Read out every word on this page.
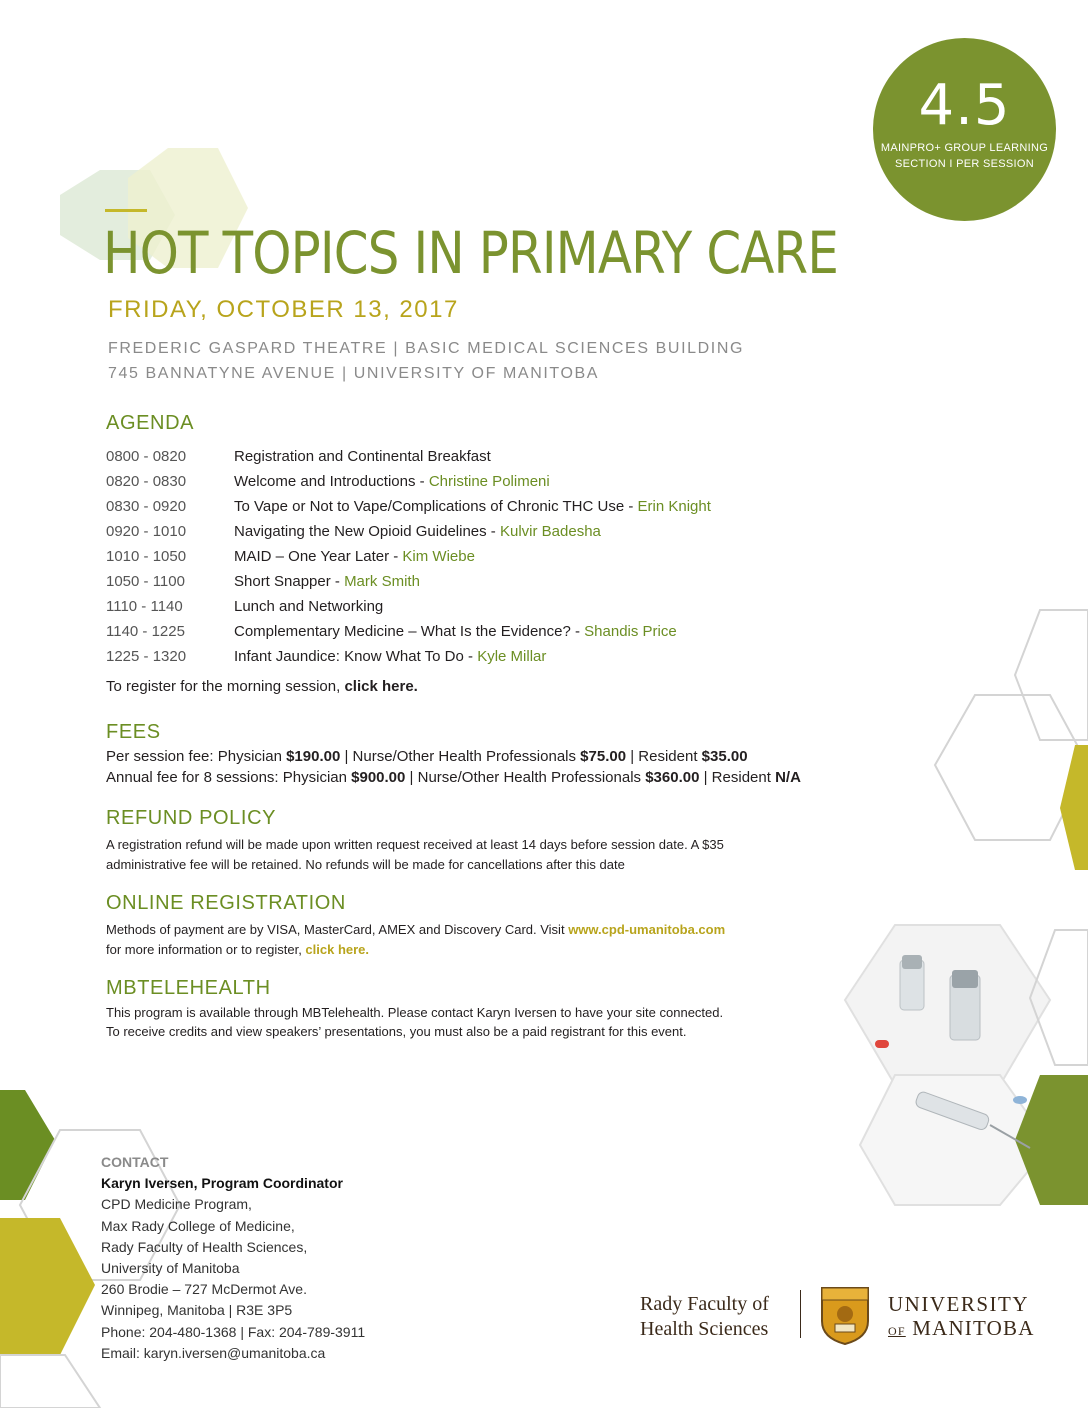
4.5
MAINPRO+ GROUP LEARNING
SECTION I PER SESSION
HOT TOPICS IN PRIMARY CARE
FRIDAY, OCTOBER 13, 2017
FREDERIC GASPARD THEATRE | BASIC MEDICAL SCIENCES BUILDING
745 BANNATYNE AVENUE | UNIVERSITY OF MANITOBA
AGENDA
0800 - 0820	Registration and Continental Breakfast
0820 - 0830	Welcome and Introductions - Christine Polimeni
0830 - 0920	To Vape or Not to Vape/Complications of Chronic THC Use - Erin Knight
0920 - 1010	Navigating the New Opioid Guidelines - Kulvir Badesha
1010 - 1050	MAID – One Year Later - Kim Wiebe
1050 - 1100	Short Snapper - Mark Smith
1110 - 1140	Lunch and Networking
1140 - 1225	Complementary Medicine – What Is the Evidence? - Shandis Price
1225 - 1320	Infant Jaundice: Know What To Do - Kyle Millar
To register for the morning session, click here.
FEES
Per session fee: Physician $190.00 | Nurse/Other Health Professionals $75.00 | Resident $35.00
Annual fee for 8 sessions: Physician $900.00 | Nurse/Other Health Professionals $360.00 | Resident N/A
REFUND POLICY
A registration refund will be made upon written request received at least 14 days before session date. A $35
administrative fee will be retained. No refunds will be made for cancellations after this date
ONLINE REGISTRATION
Methods of payment are by VISA, MasterCard, AMEX and Discovery Card. Visit www.cpd-umanitoba.com
for more information or to register, click here.
MBTELEHEALTH
This program is available through MBTelehealth. Please contact Karyn Iversen to have your site connected.
To receive credits and view speakers’ presentations, you must also be a paid registrant for this event.
CONTACT
Karyn Iversen, Program Coordinator
CPD Medicine Program,
Max Rady College of Medicine,
Rady Faculty of Health Sciences,
University of Manitoba
260 Brodie – 727 McDermot Ave.
Winnipeg, Manitoba | R3E 3P5
Phone: 204-480-1368 | Fax: 204-789-3911
Email: karyn.iversen@umanitoba.ca
Rady Faculty of
Health Sciences
UNIVERSITY
OF MANITOBA
